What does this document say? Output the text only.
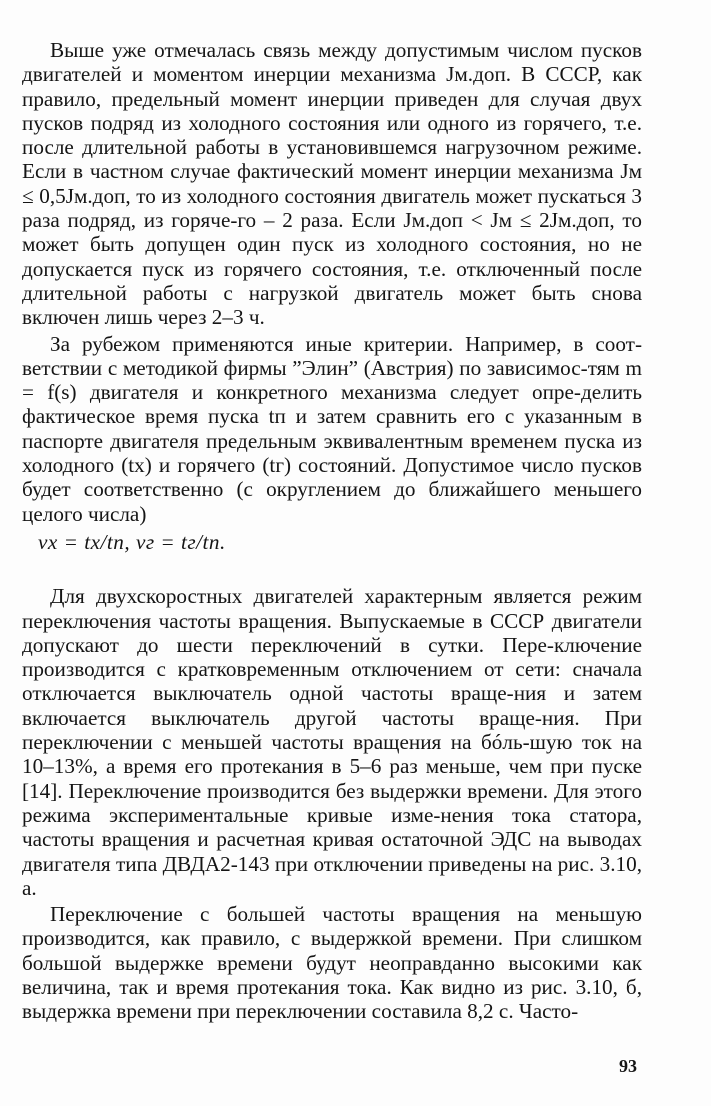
Выше уже отмечалась связь между допустимым числом пусков двигателей и моментом инерции механизма Jм.доп. В СССР, как правило, предельный момент инерции приведен для случая двух пусков подряд из холодного состояния или одного из горячего, т.е. после длительной работы в установившемся нагрузочном режиме. Если в частном случае фактический момент инерции механизма Jм ≤ 0,5Jм.доп, то из холодного состояния двигатель может пускаться 3 раза подряд, из горяче-го – 2 раза. Если Jм.доп < Jм ≤ 2Jм.доп, то может быть допущен один пуск из холодного состояния, но не допускается пуск из горячего состояния, т.е. отключенный после длительной работы с нагрузкой двигатель может быть снова включен лишь через 2–3 ч.

За рубежом применяются иные критерии. Например, в соот-ветствии с методикой фирмы ”Элин” (Австрия) по зависимос-тям m = f(s) двигателя и конкретного механизма следует опре-делить фактическое время пуска tп и затем сравнить его с указанным в паспорте двигателя предельным эквивалентным временем пуска из холодного (tх) и горячего (tг) состояний. Допустимое число пусков будет соответственно (с округлением до ближайшего меньшего целого числа)

νх = tх/tп, νг = tг/tп.

Для двухскоростных двигателей характерным является режим переключения частоты вращения. Выпускаемые в СССР двигатели допускают до шести переключений в сутки. Пере-ключение производится с кратковременным отключением от сети: сначала отключается выключатель одной частоты враще-ния и затем включается выключатель другой частоты враще-ния. При переключении с меньшей частоты вращения на бóль-шую ток на 10–13%, а время его протекания в 5–6 раз меньше, чем при пуске [14]. Переключение производится без выдержки времени. Для этого режима экспериментальные кривые изме-нения тока статора, частоты вращения и расчетная кривая остаточной ЭДС на выводах двигателя типа ДВДА2-143 при отключении приведены на рис. 3.10, а.

Переключение с большей частоты вращения на меньшую производится, как правило, с выдержкой времени. При слишком большой выдержке времени будут неоправданно высокими как величина, так и время протекания тока. Как видно из рис. 3.10, б, выдержка времени при переключении составила 8,2 с. Часто-

93
